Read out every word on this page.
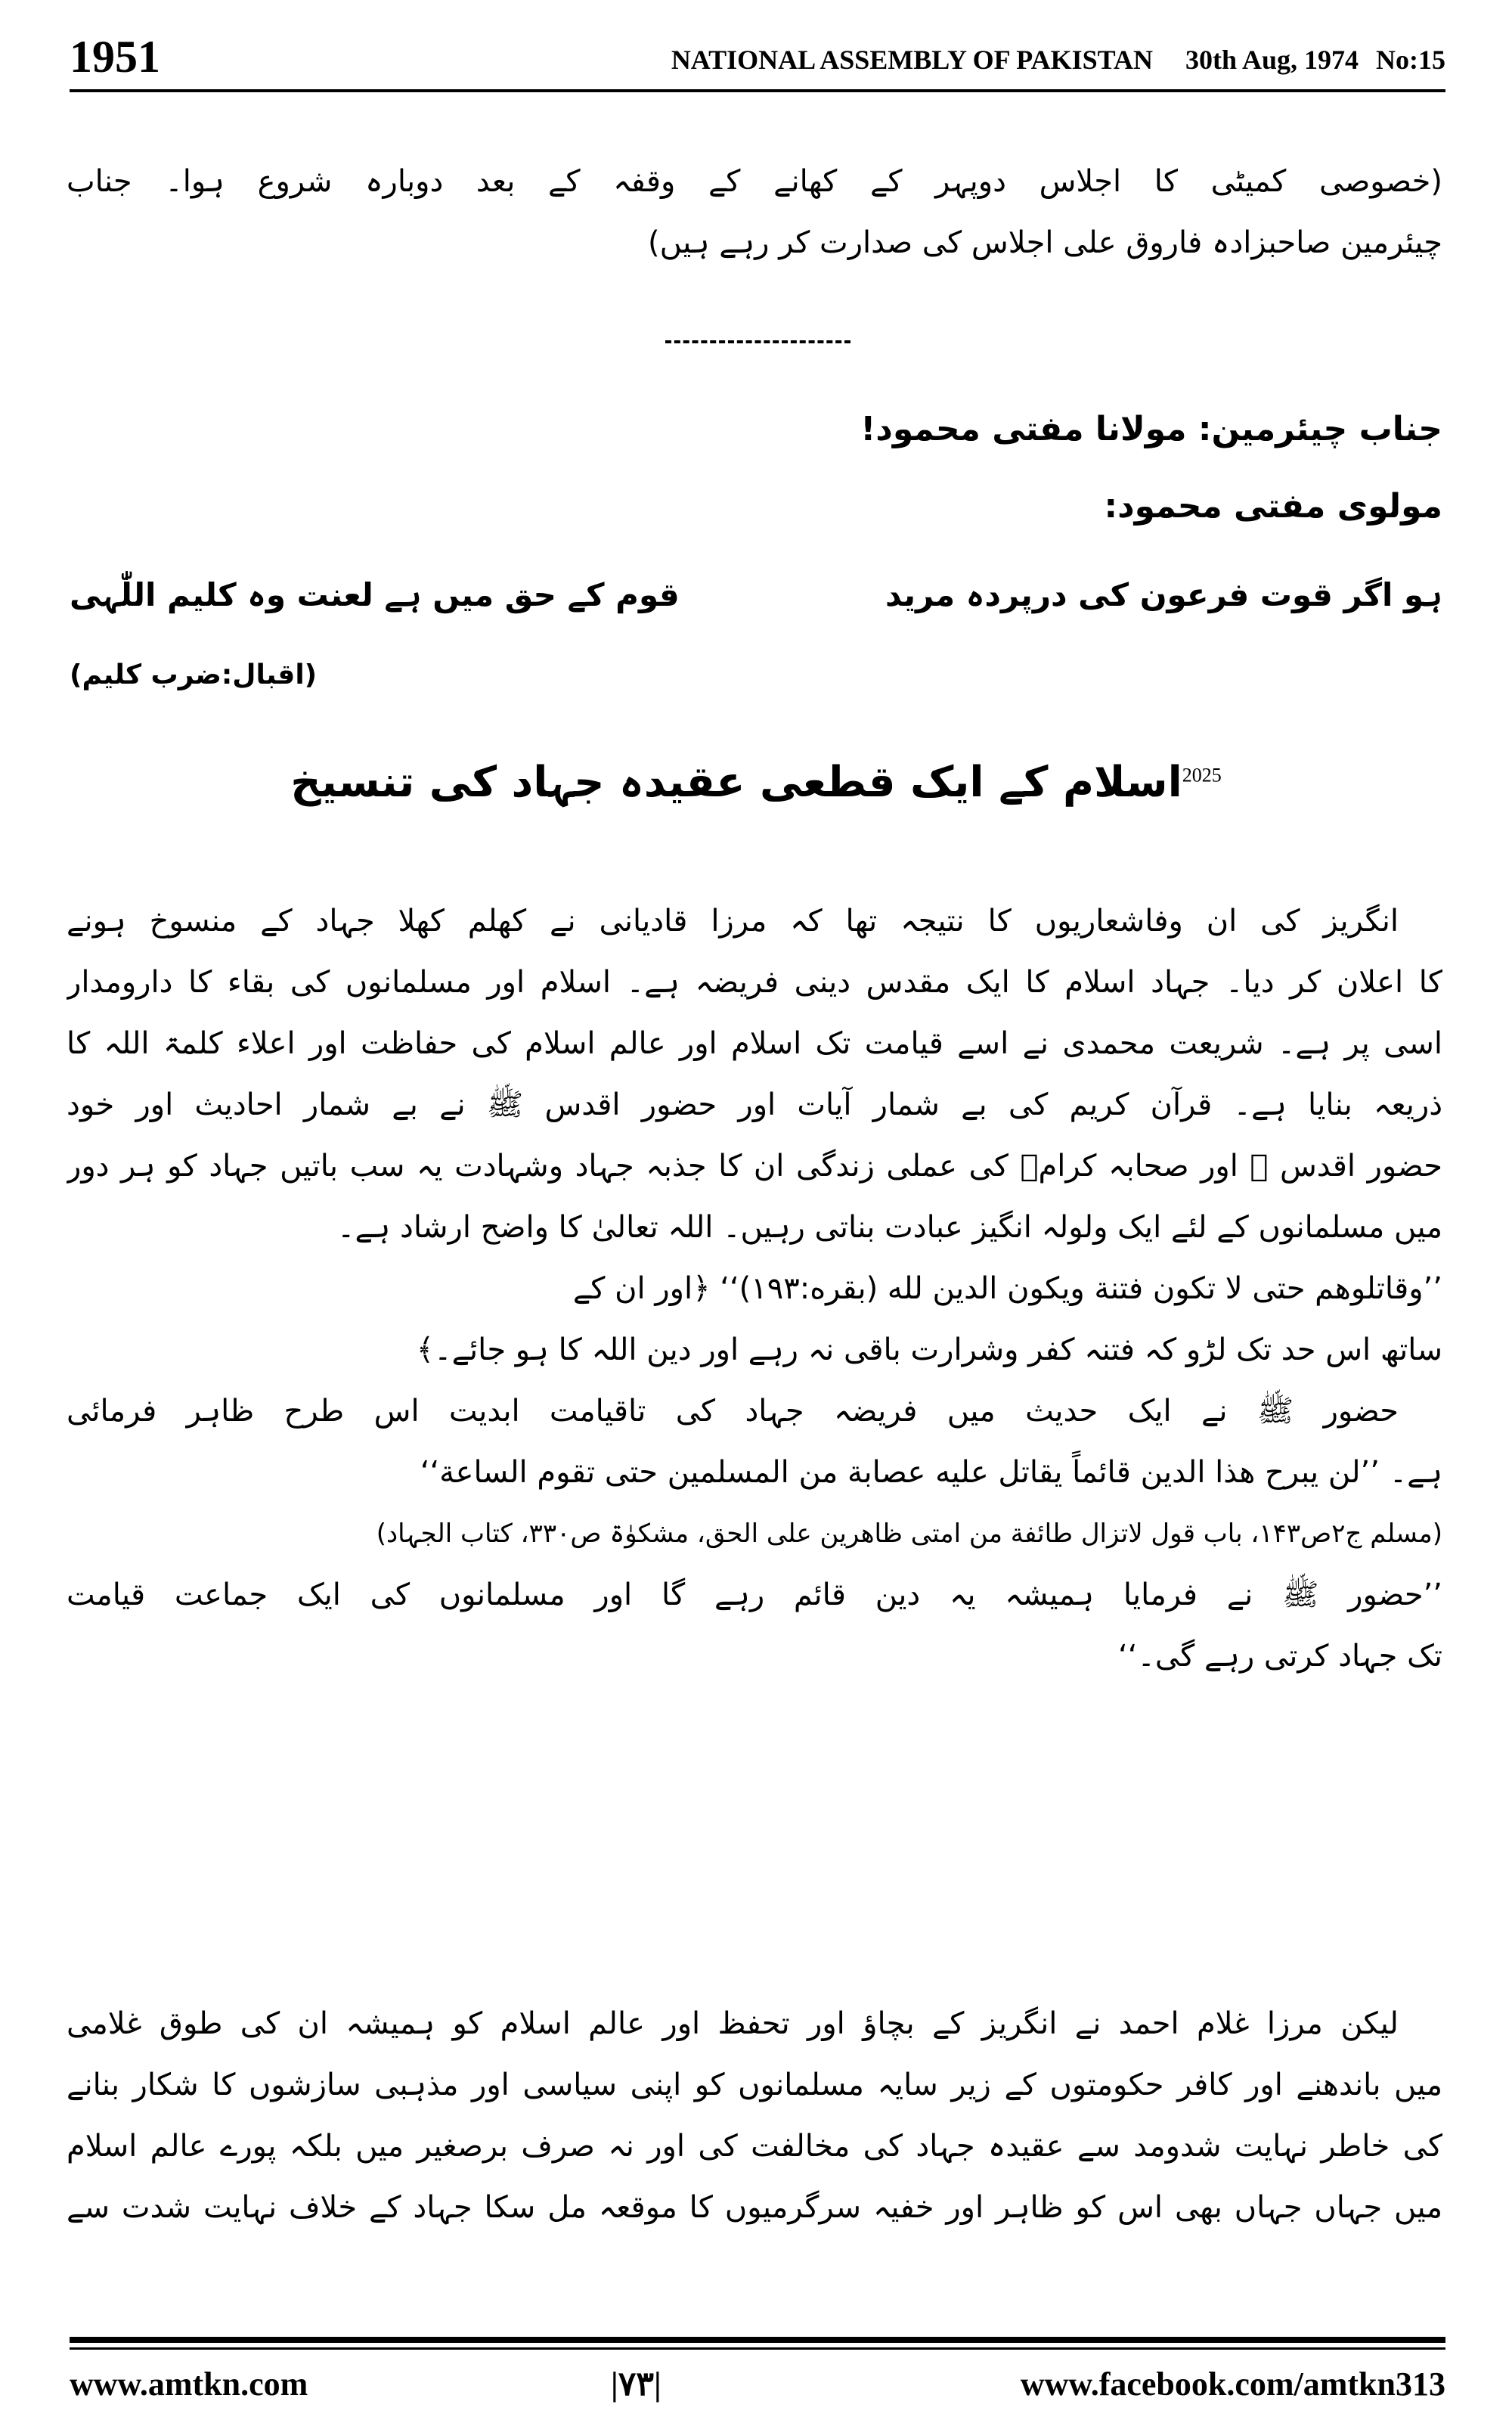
1951	NATIONAL ASSEMBLY OF PAKISTAN 30th Aug, 1974 No:15
(خصوصی کمیٹی کا اجلاس دوپہر کے کھانے کے وقفہ کے بعد دوبارہ شروع ہوا۔ جناب
چیئرمین صاحبزادہ فاروق علی اجلاس کی صدارت کر رہے ہیں)
جناب چیئرمین: مولانا مفتی محمود!
مولوی مفتی محمود:
ہو اگر قوت فرعون کی درپردہ مرید
قوم کے حق میں ہے لعنت وہ کلیم اللّٰہی
(اقبال:ضرب کلیم)
$^{2025}$اسلام کے ایک قطعی عقیدہ جہاد کی تنسیخ
انگریز کی ان وفاشعاریوں کا نتیجہ تھا کہ مرزا قادیانی نے کھلم کھلا جہاد کے منسوخ ہونے
کا اعلان کر دیا۔ جہاد اسلام کا ایک مقدس دینی فریضہ ہے۔ اسلام اور مسلمانوں کی بقاء کا دارومدار
اسی پر ہے۔ شریعت محمدی نے اسے قیامت تک اسلام اور عالم اسلام کی حفاظت اور اعلاء کلمۃ اللہ کا
ذریعہ بنایا ہے۔ قرآن کریم کی بے شمار آیات اور حضور اقدس ﷺ نے بے شمار احادیث اور خود
حضور اقدس ﷺ اور صحابہ کرامؓ کی عملی زندگی ان کا جذبہ جہاد وشہادت یہ سب باتیں جہاد کو ہر دور
میں مسلمانوں کے لئے ایک ولولہ انگیز عبادت بناتی رہیں۔ اللہ تعالیٰ کا واضح ارشاد ہے۔
’’وقاتلوهم حتى لا تكون فتنة ويكون الدين لله (بقره:۱۹۳)‘‘ ﴿اور ان کے
ساتھ اس حد تک لڑو کہ فتنہ کفر وشرارت باقی نہ رہے اور دین اللہ کا ہو جائے۔﴾
حضور ﷺ نے ایک حدیث میں فریضہ جہاد کی تاقیامت ابدیت اس طرح ظاہر فرمائی
ہے۔ ’’لن يبرح هذا الدين قائماً يقاتل عليه عصابة من المسلمين حتى تقوم الساعة‘‘
(مسلم ج۲ص۱۴۳، باب قول لاتزال طائفة من امتى ظاهرين على الحق، مشکوٰۃ ص۳۳۰، کتاب الجہاد)
’’حضور ﷺ نے فرمایا ہمیشہ یہ دین قائم رہے گا اور مسلمانوں کی ایک جماعت قیامت
تک جہاد کرتی رہے گی۔‘‘
لیکن مرزا غلام احمد نے انگریز کے بچاؤ اور تحفظ اور عالم اسلام کو ہمیشہ ان کی طوق غلامی
میں باندھنے اور کافر حکومتوں کے زیر سایہ مسلمانوں کو اپنی سیاسی اور مذہبی سازشوں کا شکار بنانے
کی خاطر نہایت شدومد سے عقیدہ جہاد کی مخالفت کی اور نہ صرف برصغیر میں بلکہ پورے عالم اسلام
میں جہاں جہاں بھی اس کو ظاہر اور خفیہ سرگرمیوں کا موقعہ مل سکا جہاد کے خلاف نہایت شدت سے
www.amtkn.com	|۷۳|	www.facebook.com/amtkn313
